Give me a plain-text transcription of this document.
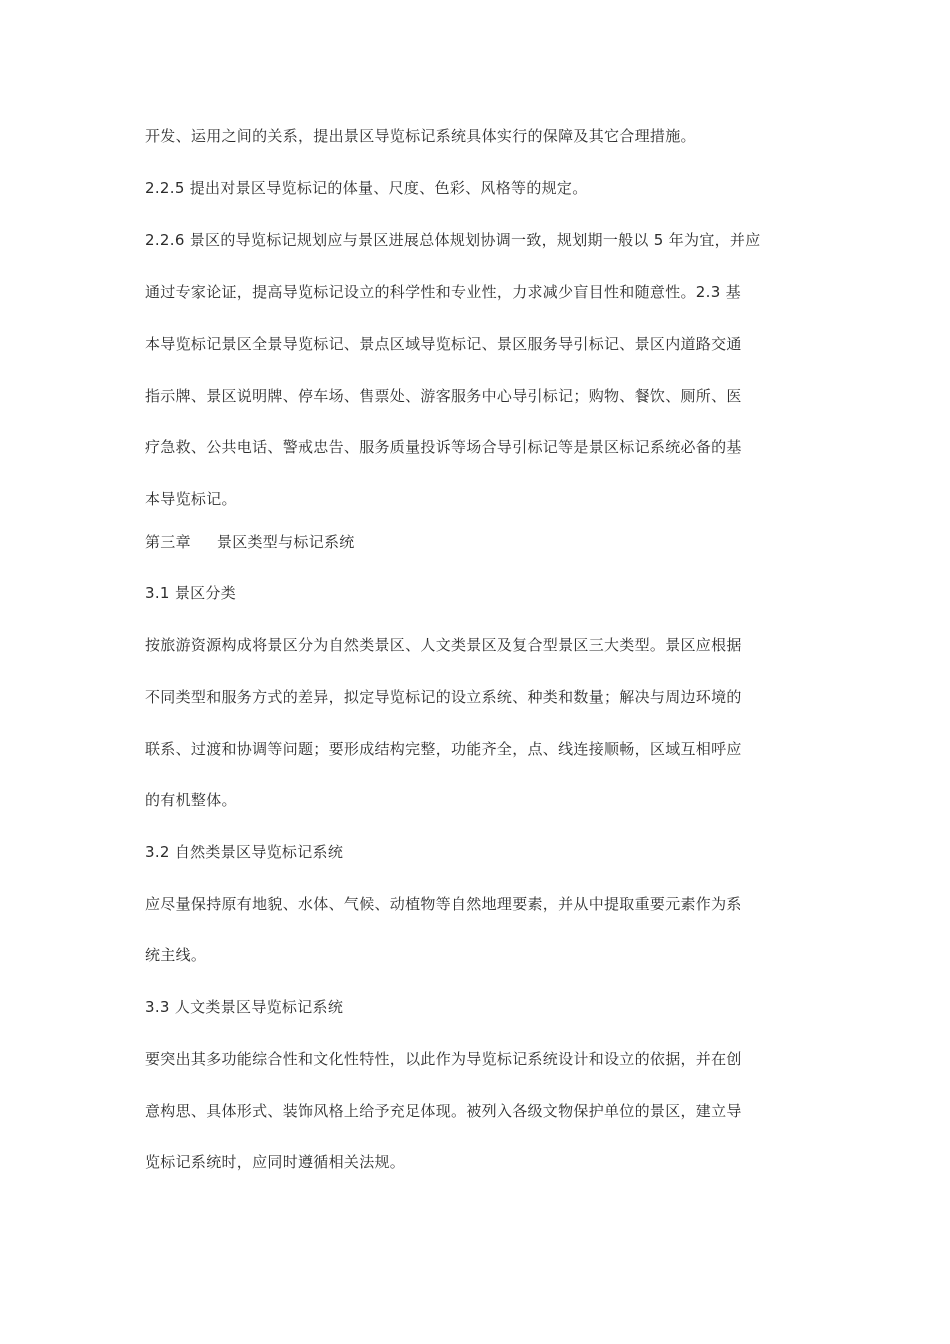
开发、运用之间的关系，提出景区导览标记系统具体实行的保障及其它合理措施。
2.2.5 提出对景区导览标记的体量、尺度、色彩、风格等的规定。
2.2.6 景区的导览标记规划应与景区进展总体规划协调一致，规划期一般以 5 年为宜，并应
通过专家论证，提高导览标记设立的科学性和专业性，力求减少盲目性和随意性。2.3 基
本导览标记景区全景导览标记、景点区域导览标记、景区服务导引标记、景区内道路交通
指示牌、景区说明牌、停车场、售票处、游客服务中心导引标记；购物、餐饮、厕所、医
疗急救、公共电话、警戒忠告、服务质量投诉等场合导引标记等是景区标记系统必备的基
本导览标记。
第三章 景区类型与标记系统
3.1 景区分类
按旅游资源构成将景区分为自然类景区、人文类景区及复合型景区三大类型。景区应根据
不同类型和服务方式的差异，拟定导览标记的设立系统、种类和数量；解决与周边环境的
联系、过渡和协调等问题；要形成结构完整，功能齐全，点、线连接顺畅，区域互相呼应
的有机整体。
3.2 自然类景区导览标记系统
应尽量保持原有地貌、水体、气候、动植物等自然地理要素，并从中提取重要元素作为系
统主线。
3.3 人文类景区导览标记系统
要突出其多功能综合性和文化性特性，以此作为导览标记系统设计和设立的依据，并在创
意构思、具体形式、装饰风格上给予充足体现。被列入各级文物保护单位的景区，建立导
览标记系统时，应同时遵循相关法规。
